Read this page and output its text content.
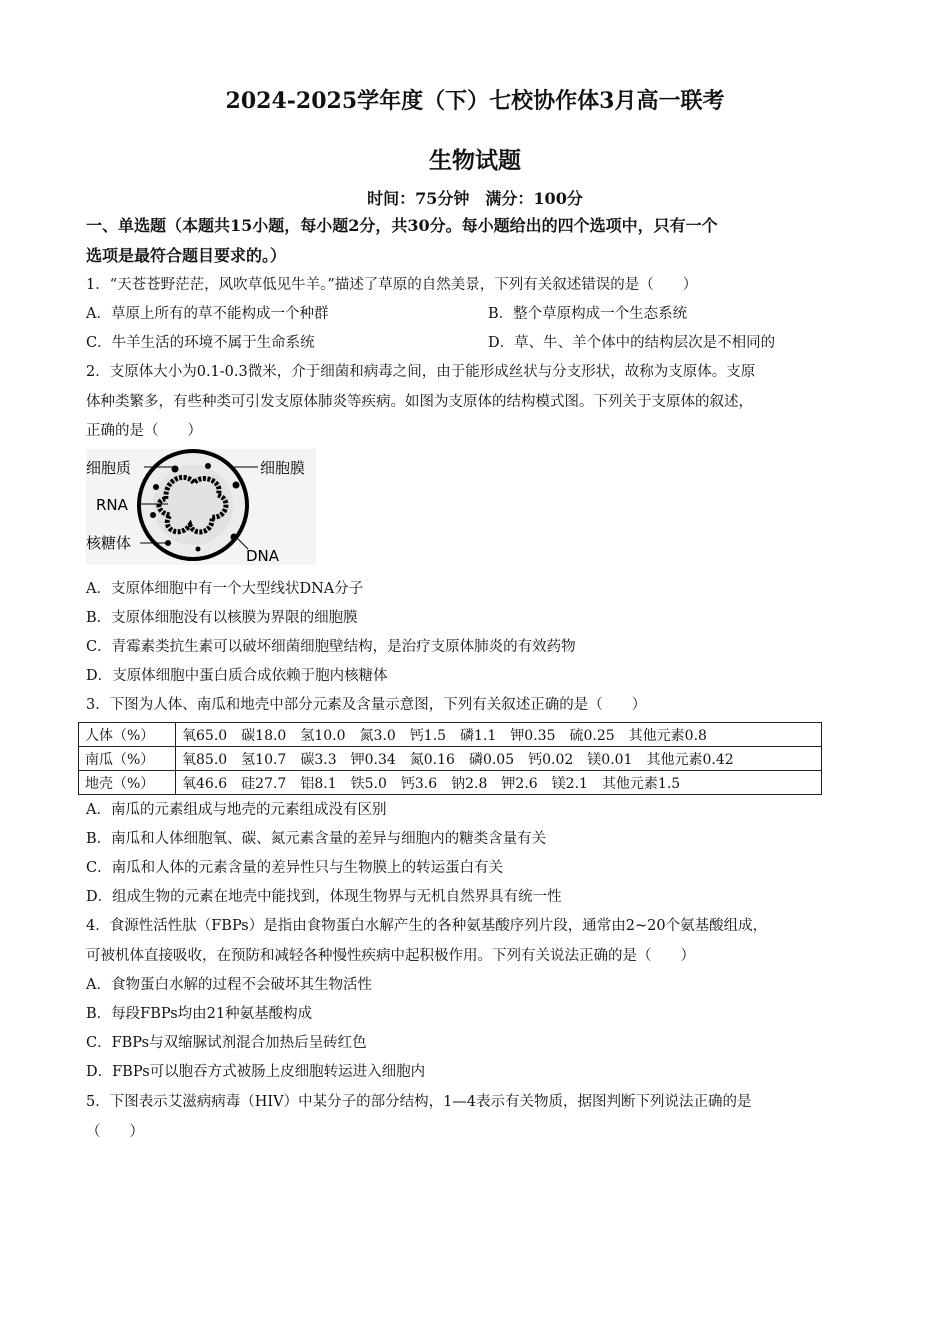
2024-2025学年度（下）七校协作体3月高一联考
生物试题
时间：75分钟　满分：100分
一、单选题（本题共15小题，每小题2分，共30分。每小题给出的四个选项中，只有一个
选项是最符合题目要求的。）
1．“天苍苍野茫茫，风吹草低见牛羊。”描述了草原的自然美景，下列有关叙述错误的是（　　）
A．草原上所有的草不能构成一个种群	B．整个草原构成一个生态系统
C．牛羊生活的环境不属于生命系统	D．草、牛、羊个体中的结构层次是不相同的
2．支原体大小为0.1-0.3微米，介于细菌和病毒之间，由于能形成丝状与分支形状，故称为支原体。支原
体种类繁多，有些种类可引发支原体肺炎等疾病。如图为支原体的结构模式图。下列关于支原体的叙述，
正确的是（　　）
细胞质	细胞膜
RNA
核糖体
DNA
A．支原体细胞中有一个大型线状DNA分子
B．支原体细胞没有以核膜为界限的细胞膜
C．青霉素类抗生素可以破坏细菌细胞壁结构，是治疗支原体肺炎的有效药物
D．支原体细胞中蛋白质合成依赖于胞内核糖体
3．下图为人体、南瓜和地壳中部分元素及含量示意图，下列有关叙述正确的是（　　）
人体（%）	氧65.0 碳18.0 氢10.0 氮3.0 钙1.5 磷1.1 钾0.35 硫0.25 其他元素0.8
南瓜（%）	氧85.0 氢10.7 碳3.3 钾0.34 氮0.16 磷0.05 钙0.02 镁0.01 其他元素0.42
地壳（%）	氧46.6 硅27.7 铝8.1 铁5.0 钙3.6 钠2.8 钾2.6 镁2.1 其他元素1.5
A．南瓜的元素组成与地壳的元素组成没有区别
B．南瓜和人体细胞氧、碳、氮元素含量的差异与细胞内的糖类含量有关
C．南瓜和人体的元素含量的差异性只与生物膜上的转运蛋白有关
D．组成生物的元素在地壳中能找到，体现生物界与无机自然界具有统一性
4．食源性活性肽（FBPs）是指由食物蛋白水解产生的各种氨基酸序列片段，通常由2~20个氨基酸组成，
可被机体直接吸收，在预防和减轻各种慢性疾病中起积极作用。下列有关说法正确的是（　　）
A．食物蛋白水解的过程不会破坏其生物活性
B．每段FBPs均由21种氨基酸构成
C．FBPs与双缩脲试剂混合加热后呈砖红色
D．FBPs可以胞吞方式被肠上皮细胞转运进入细胞内
5．下图表示艾滋病病毒（HIV）中某分子的部分结构，1—4表示有关物质，据图判断下列说法正确的是
（　　）
